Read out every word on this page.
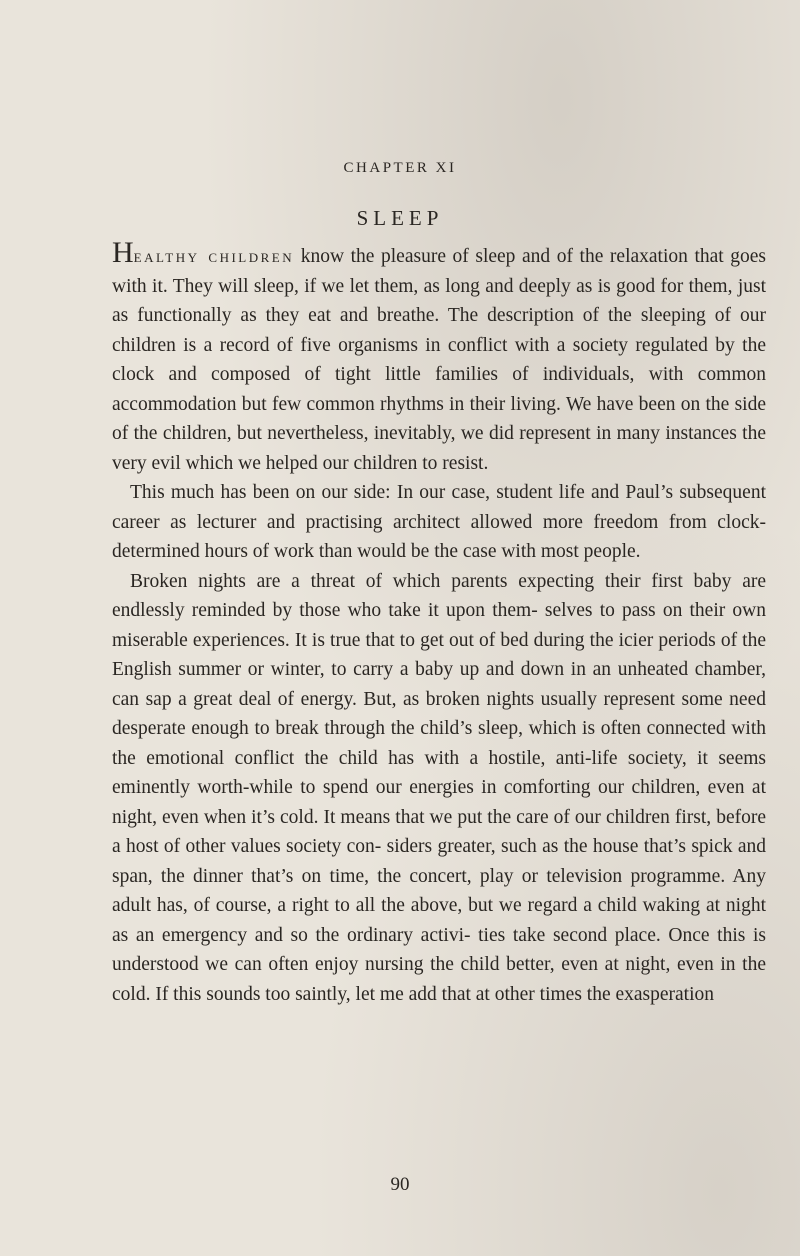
CHAPTER XI
SLEEP

Healthy children know the pleasure of sleep and of the relaxation that goes with it. They will sleep, if we let them, as long and deeply as is good for them, just as functionally as they eat and breathe. The description of the sleeping of our children is a record of five organisms in conflict with a society regulated by the clock and composed of tight little families of individuals, with common accommodation but few common rhythms in their living. We have been on the side of the children, but nevertheless, inevitably, we did represent in many instances the very evil which we helped our children to resist.

This much has been on our side: In our case, student life and Paul’s subsequent career as lecturer and practising architect allowed more freedom from clock-determined hours of work than would be the case with most people.

Broken nights are a threat of which parents expecting their first baby are endlessly reminded by those who take it upon them- selves to pass on their own miserable experiences. It is true that to get out of bed during the icier periods of the English summer or winter, to carry a baby up and down in an unheated chamber, can sap a great deal of energy. But, as broken nights usually represent some need desperate enough to break through the child’s sleep, which is often connected with the emotional conflict the child has with a hostile, anti-life society, it seems eminently worth-while to spend our energies in comforting our children, even at night, even when it’s cold. It means that we put the care of our children first, before a host of other values society con- siders greater, such as the house that’s spick and span, the dinner that’s on time, the concert, play or television programme. Any adult has, of course, a right to all the above, but we regard a child waking at night as an emergency and so the ordinary activi- ties take second place. Once this is understood we can often enjoy nursing the child better, even at night, even in the cold. If this sounds too saintly, let me add that at other times the exasperation

90
